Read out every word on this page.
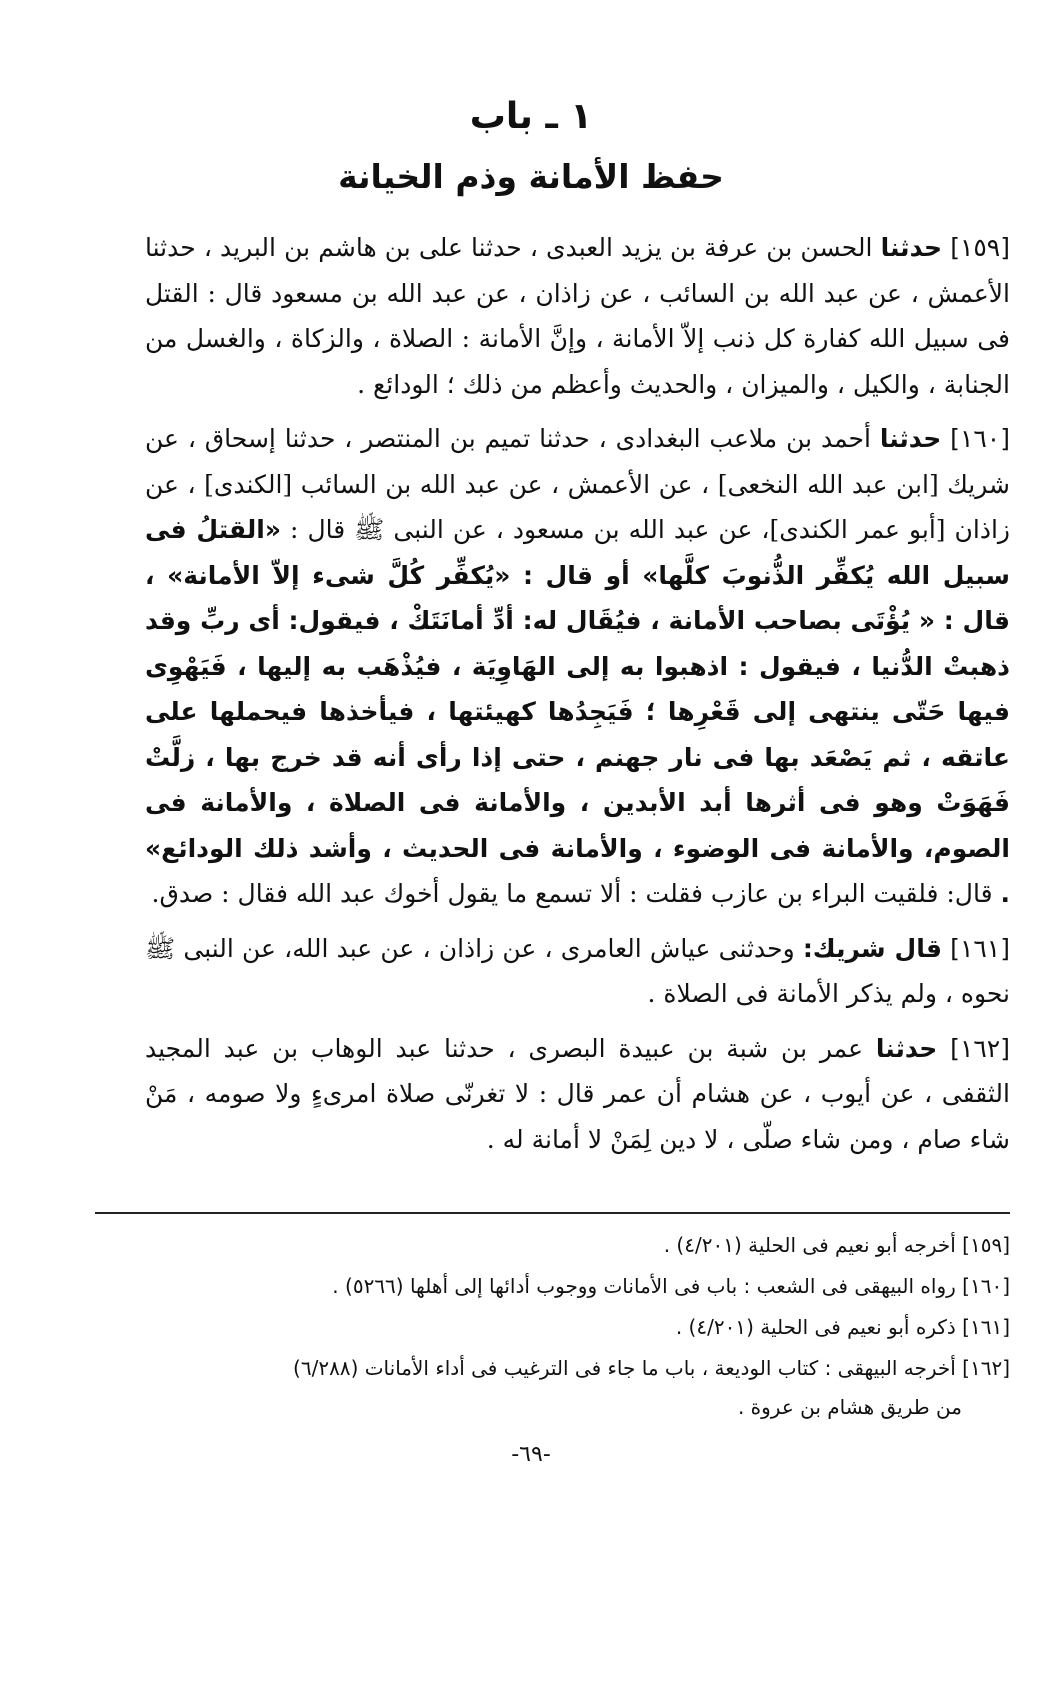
١ ـ باب
حفظ الأمانة وذم الخيانة

[١٥٩] حدثنا الحسن بن عرفة بن يزيد العبدى ، حدثنا على بن هاشم بن البريد ، حدثنا الأعمش ، عن عبد الله بن السائب ، عن زاذان ، عن عبد الله بن مسعود قال : القتل فى سبيل الله كفارة كل ذنب إلاّ الأمانة ، وإنَّ الأمانة : الصلاة ، والزكاة ، والغسل من الجنابة ، والكيل ، والميزان ، والحديث وأعظم من ذلك ؛ الودائع .

[١٦٠] حدثنا أحمد بن ملاعب البغدادى ، حدثنا تميم بن المنتصر ، حدثنا إسحاق ، عن شريك [ابن عبد الله النخعى] ، عن الأعمش ، عن عبد الله بن السائب [الكندى] ، عن زاذان [أبو عمر الكندى]، عن عبد الله بن مسعود ، عن النبى ﷺ قال : «القتلُ فى سبيل الله يُكفِّر الذُّنوبَ كلَّها» أو قال : «يُكفِّر كُلَّ شىء إلاّ الأمانة» ، قال : « يُؤْتَى بصاحب الأمانة ، فيُقَال له: أدِّ أمانَتَكْ ، فيقول: أى ربِّ وقد ذهبتْ الدُّنيا ، فيقول : اذهبوا به إلى الهَاوِيَة ، فيُذْهَب به إليها ، فَيَهْوِى فيها حَتّى ينتهى إلى قَعْرِها ؛ فَيَجِدُها كهيئتها ، فيأخذها فيحملها على عاتقه ، ثم يَصْعَد بها فى نار جهنم ، حتى إذا رأى أنه قد خرج بها ، زلَّتْ فَهَوَتْ وهو فى أثرها أبد الأبدين ، والأمانة فى الصلاة ، والأمانة فى الصوم، والأمانة فى الوضوء ، والأمانة فى الحديث ، وأشد ذلك الودائع» . قال: فلقيت البراء بن عازب فقلت : ألا تسمع ما يقول أخوك عبد الله فقال : صدق.

[١٦١] قال شريك: وحدثنى عياش العامرى ، عن زاذان ، عن عبد الله، عن النبى ﷺ نحوه ، ولم يذكر الأمانة فى الصلاة .

[١٦٢] حدثنا عمر بن شبة بن عبيدة البصرى ، حدثنا عبد الوهاب بن عبد المجيد الثقفى ، عن أيوب ، عن هشام أن عمر قال : لا تغرنّى صلاة امرىءٍ ولا صومه ، مَنْ شاء صام ، ومن شاء صلّى ، لا دين لِمَنْ لا أمانة له .

[١٥٩] أخرجه أبو نعيم فى الحلية (٤/٢٠١) .

[١٦٠] رواه البيهقى فى الشعب : باب فى الأمانات ووجوب أدائها إلى أهلها (٥٢٦٦) .

[١٦١] ذكره أبو نعيم فى الحلية (٤/٢٠١) .

[١٦٢] أخرجه البيهقى : كتاب الوديعة ، باب ما جاء فى الترغيب فى أداء الأمانات (٦/٢٨٨)
من طريق هشام بن عروة .

-٦٩-
